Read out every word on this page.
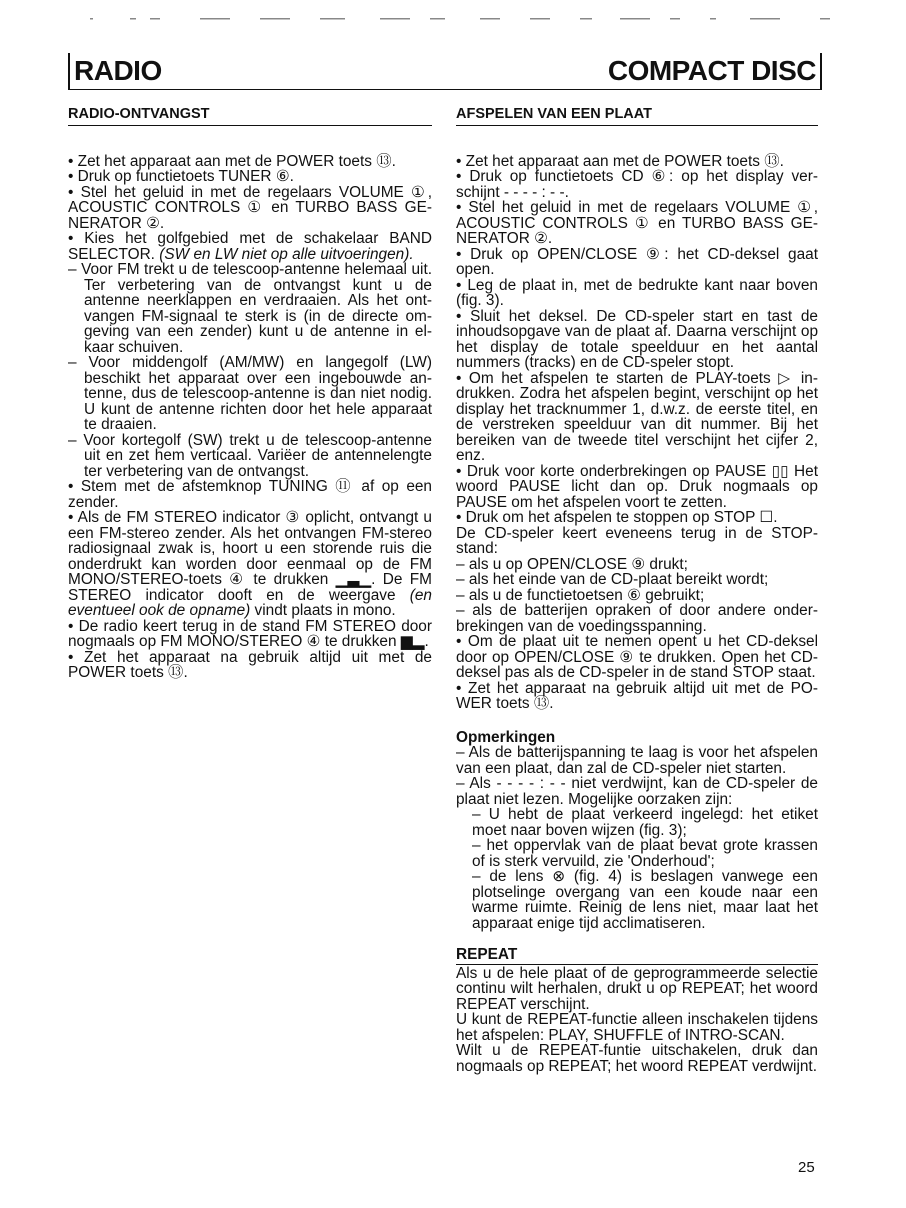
RADIO	COMPACT DISC
RADIO-ONTVANGST
• Zet het apparaat aan met de POWER toets ⑬.
• Druk op functietoets TUNER ⑥.
• Stel het geluid in met de regelaars VOLUME ①, ACOUSTIC CONTROLS ① en TURBO BASS GENERATOR ②.
• Kies het golfgebied met de schakelaar BAND SELECTOR. (SW en LW niet op alle uitvoeringen).
– Voor FM trekt u de telescoop-antenne helemaal uit. Ter verbetering van de ontvangst kunt u de antenne neerklappen en verdraaien. Als het ontvangen FM-signaal te sterk is (in de directe omgeving van een zender) kunt u de antenne in elkaar schuiven.
– Voor middengolf (AM/MW) en langegolf (LW) beschikt het apparaat over een ingebouwde antenne, dus de telescoop-antenne is dan niet nodig. U kunt de antenne richten door het hele apparaat te draaien.
– Voor kortegolf (SW) trekt u de telescoop-antenne uit en zet hem verticaal. Variëer de antennelengte ter verbetering van de ontvangst.
• Stem met de afstemknop TUNING ⑪ af op een zender.
• Als de FM STEREO indicator ③ oplicht, ontvangt u een FM-stereo zender. Als het ontvangen FM-stereo radiosignaal zwak is, hoort u een storende ruis die onderdrukt kan worden door eenmaal op de FM MONO/STEREO-toets ④ te drukken ▁▃▁. De FM STEREO indicator dooft en de weergave (en eventueel ook de opname) vindt plaats in mono.
• De radio keert terug in de stand FM STEREO door nogmaals op FM MONO/STEREO ④ te drukken ▆▂.
• Zet het apparaat na gebruik altijd uit met de POWER toets ⑬.
AFSPELEN VAN EEN PLAAT
• Zet het apparaat aan met de POWER toets ⑬.
• Druk op functietoets CD ⑥: op het display verschijnt - - - - : - -.
• Stel het geluid in met de regelaars VOLUME ①, ACOUSTIC CONTROLS ① en TURBO BASS GENERATOR ②.
• Druk op OPEN/CLOSE ⑨: het CD-deksel gaat open.
• Leg de plaat in, met de bedrukte kant naar boven (fig. 3).
• Sluit het deksel. De CD-speler start en tast de inhoudsopgave van de plaat af. Daarna verschijnt op het display de totale speelduur en het aantal nummers (tracks) en de CD-speler stopt.
• Om het afspelen te starten de PLAY-toets ▷ indrukken. Zodra het afspelen begint, verschijnt op het display het tracknummer 1, d.w.z. de eerste titel, en de verstreken speelduur van dit nummer. Bij het bereiken van de tweede titel verschijnt het cijfer 2, enz.
• Druk voor korte onderbrekingen op PAUSE ▯▯ Het woord PAUSE licht dan op. Druk nogmaals op PAUSE om het afspelen voort te zetten.
• Druk om het afspelen te stoppen op STOP ☐.
De CD-speler keert eveneens terug in de STOP-stand:
– als u op OPEN/CLOSE ⑨ drukt;
– als het einde van de CD-plaat bereikt wordt;
– als u de functietoetsen ⑥ gebruikt;
– als de batterijen opraken of door andere onderbrekingen van de voedingsspanning.
• Om de plaat uit te nemen opent u het CD-deksel door op OPEN/CLOSE ⑨ te drukken. Open het CD-deksel pas als de CD-speler in de stand STOP staat.
• Zet het apparaat na gebruik altijd uit met de POWER toets ⑬.
Opmerkingen
– Als de batterijspanning te laag is voor het afspelen van een plaat, dan zal de CD-speler niet starten.
– Als - - - - : - - niet verdwijnt, kan de CD-speler de plaat niet lezen. Mogelijke oorzaken zijn:
– U hebt de plaat verkeerd ingelegd: het etiket moet naar boven wijzen (fig. 3);
– het oppervlak van de plaat bevat grote krassen of is sterk vervuild, zie 'Onderhoud';
– de lens ⊗ (fig. 4) is beslagen vanwege een plotselinge overgang van een koude naar een warme ruimte. Reinig de lens niet, maar laat het apparaat enige tijd acclimatiseren.
REPEAT
Als u de hele plaat of de geprogrammeerde selectie continu wilt herhalen, drukt u op REPEAT; het woord REPEAT verschijnt.
U kunt de REPEAT-functie alleen inschakelen tijdens het afspelen: PLAY, SHUFFLE of INTRO-SCAN.
Wilt u de REPEAT-funtie uitschakelen, druk dan nogmaals op REPEAT; het woord REPEAT verdwijnt.
25
